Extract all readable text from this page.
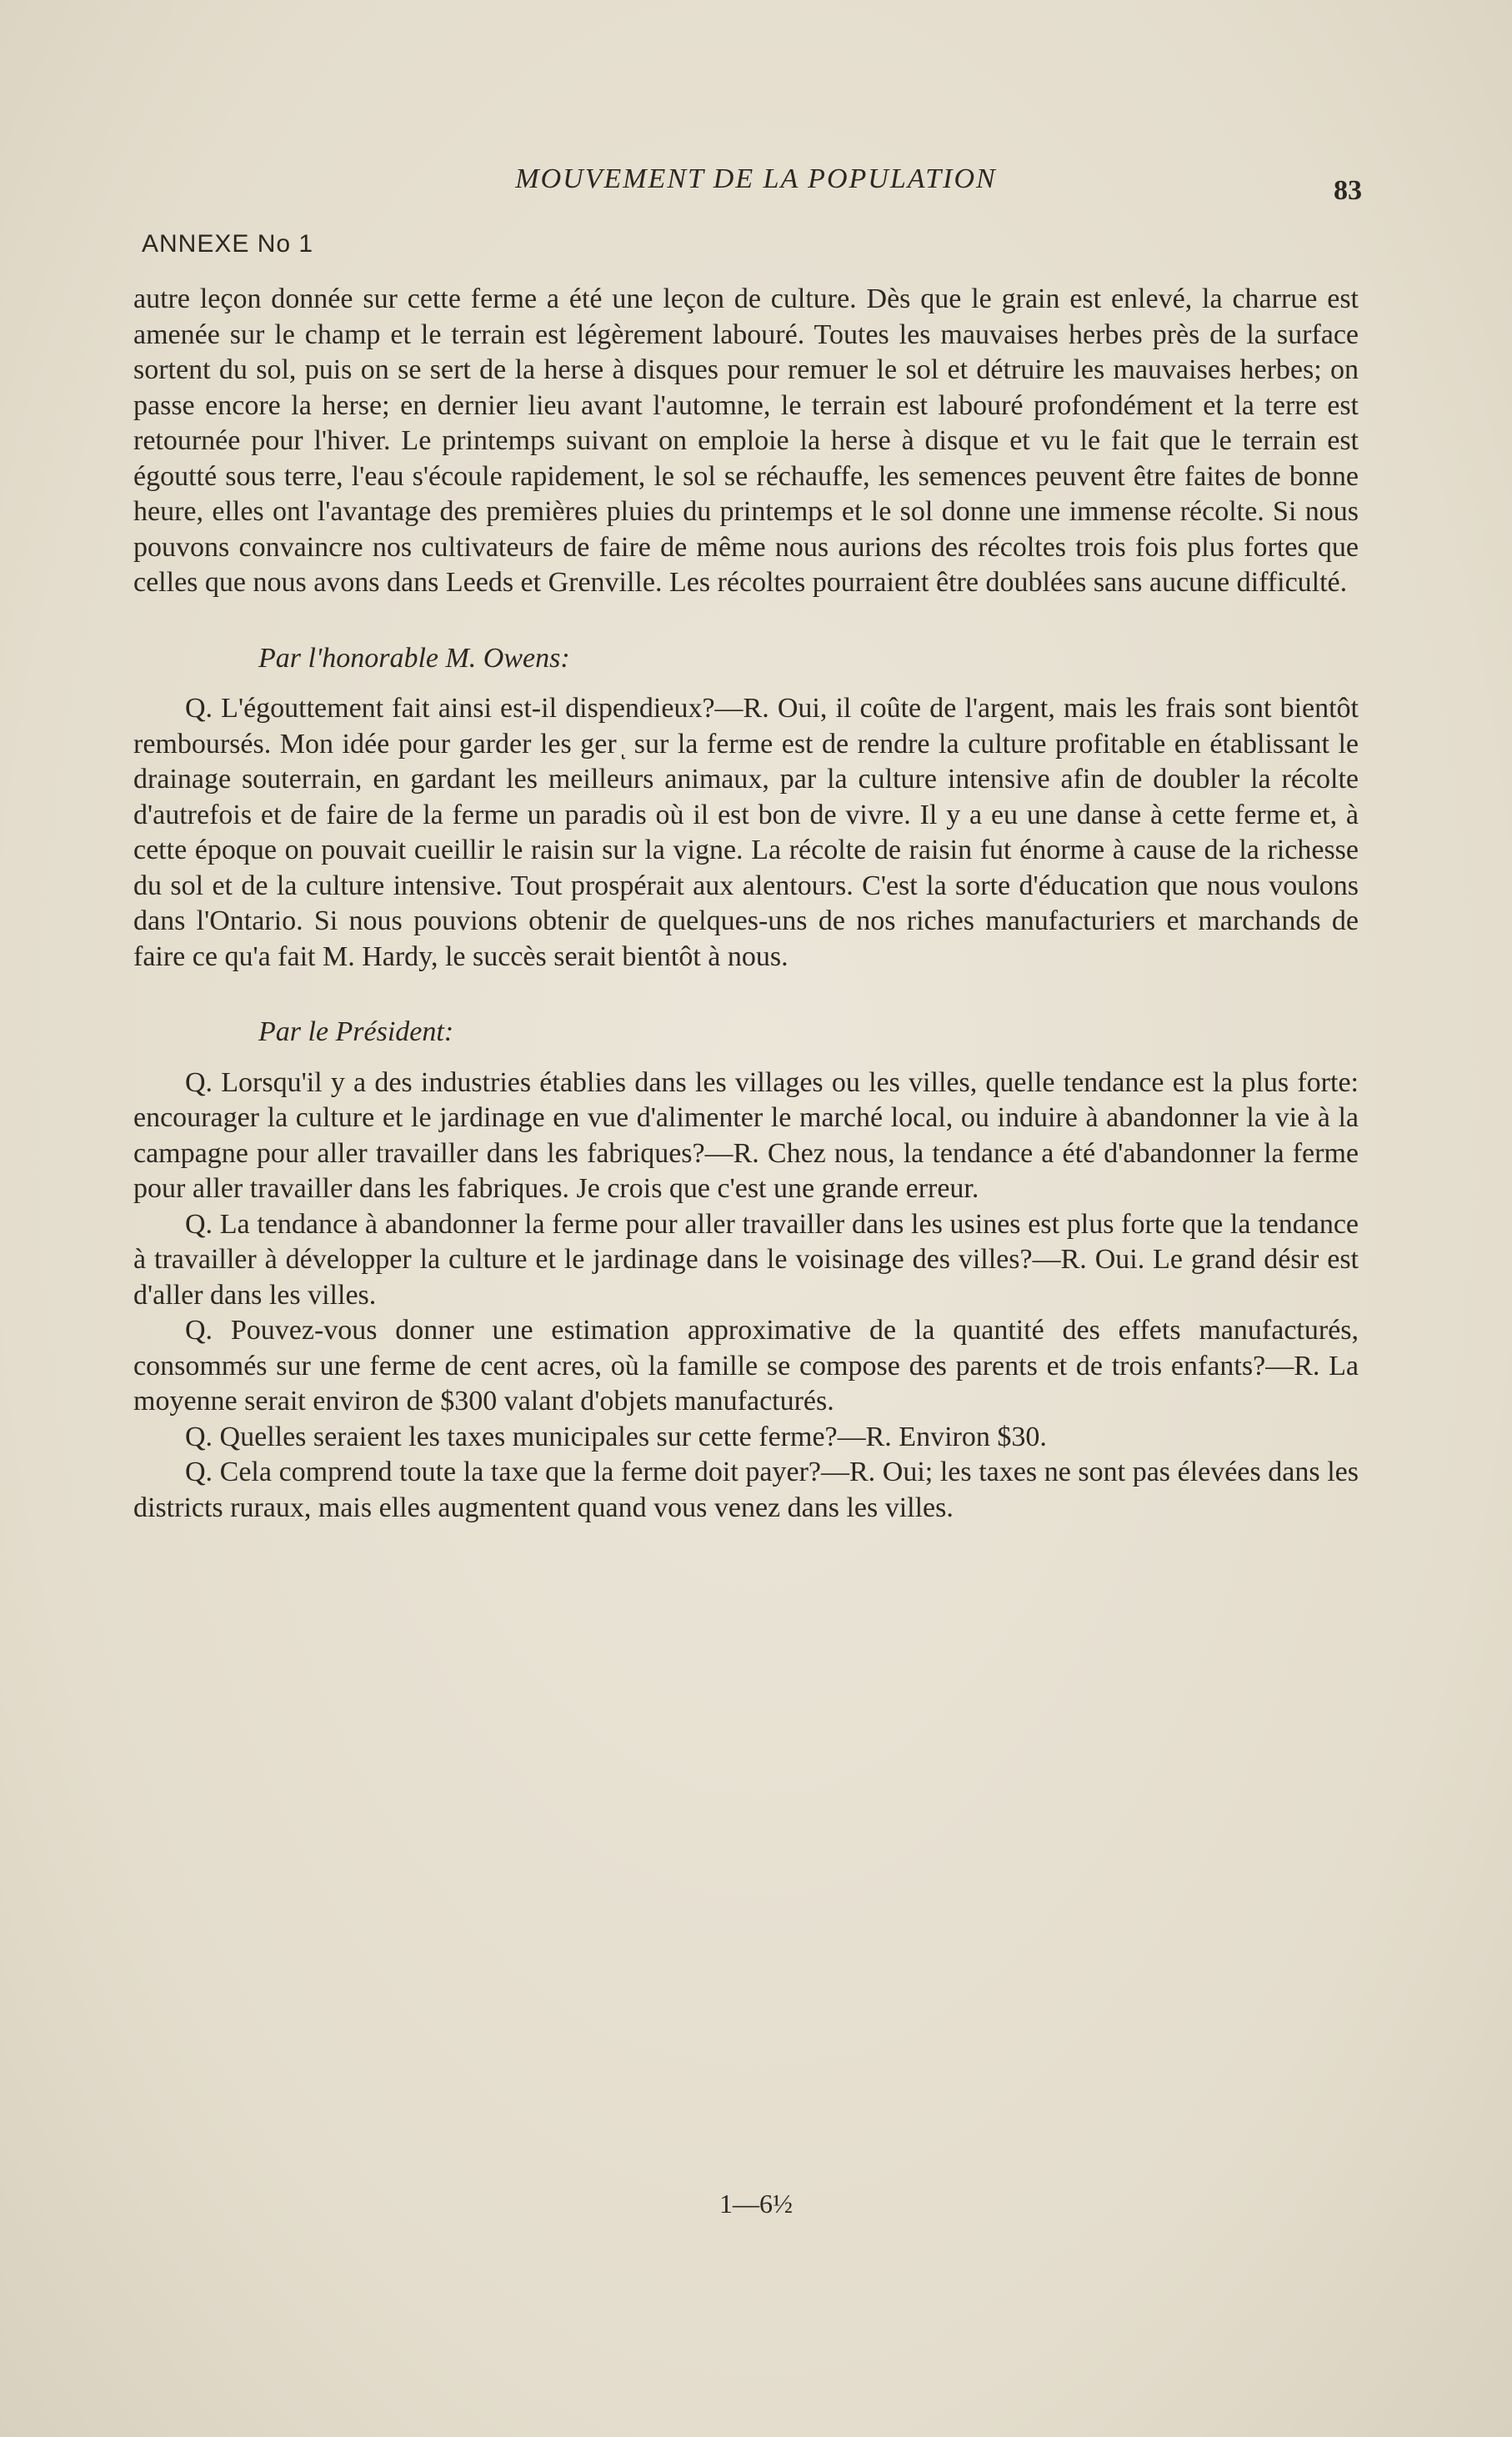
MOUVEMENT DE LA POPULATION	83
ANNEXE No 1

autre leçon donnée sur cette ferme a été une leçon de culture. Dès que le grain est enlevé, la charrue est amenée sur le champ et le terrain est légèrement labouré. Toutes les mauvaises herbes près de la surface sortent du sol, puis on se sert de la herse à disques pour remuer le sol et détruire les mauvaises herbes; on passe encore la herse; en dernier lieu avant l'automne, le terrain est labouré profondément et la terre est retournée pour l'hiver. Le printemps suivant on emploie la herse à disque et vu le fait que le terrain est égoutté sous terre, l'eau s'écoule rapidement, le sol se réchauffe, les semences peuvent être faites de bonne heure, elles ont l'avantage des premières pluies du printemps et le sol donne une immense récolte. Si nous pouvons convaincre nos cultivateurs de faire de même nous aurions des récoltes trois fois plus fortes que celles que nous avons dans Leeds et Grenville. Les récoltes pourraient être doublées sans aucune difficulté.

Par l'honorable M. Owens:

Q. L'égouttement fait ainsi est-il dispendieux?—R. Oui, il coûte de l'argent, mais les frais sont bientôt remboursés. Mon idée pour garder les ger ͅ sur la ferme est de rendre la culture profitable en établissant le drainage souterrain, en gardant les meilleurs animaux, par la culture intensive afin de doubler la récolte d'autrefois et de faire de la ferme un paradis où il est bon de vivre. Il y a eu une danse à cette ferme et, à cette époque on pouvait cueillir le raisin sur la vigne. La récolte de raisin fut énorme à cause de la richesse du sol et de la culture intensive. Tout prospérait aux alentours. C'est la sorte d'éducation que nous voulons dans l'Ontario. Si nous pouvions obtenir de quelques-uns de nos riches manufacturiers et marchands de faire ce qu'a fait M. Hardy, le succès serait bientôt à nous.

Par le Président:

Q. Lorsqu'il y a des industries établies dans les villages ou les villes, quelle tendance est la plus forte: encourager la culture et le jardinage en vue d'alimenter le marché local, ou induire à abandonner la vie à la campagne pour aller travailler dans les fabriques?—R. Chez nous, la tendance a été d'abandonner la ferme pour aller travailler dans les fabriques. Je crois que c'est une grande erreur.

Q. La tendance à abandonner la ferme pour aller travailler dans les usines est plus forte que la tendance à travailler à développer la culture et le jardinage dans le voisinage des villes?—R. Oui. Le grand désir est d'aller dans les villes.

Q. Pouvez-vous donner une estimation approximative de la quantité des effets manufacturés, consommés sur une ferme de cent acres, où la famille se compose des parents et de trois enfants?—R. La moyenne serait environ de $300 valant d'objets manufacturés.

Q. Quelles seraient les taxes municipales sur cette ferme?—R. Environ $30.

Q. Cela comprend toute la taxe que la ferme doit payer?—R. Oui; les taxes ne sont pas élevées dans les districts ruraux, mais elles augmentent quand vous venez dans les villes.

1—6½
